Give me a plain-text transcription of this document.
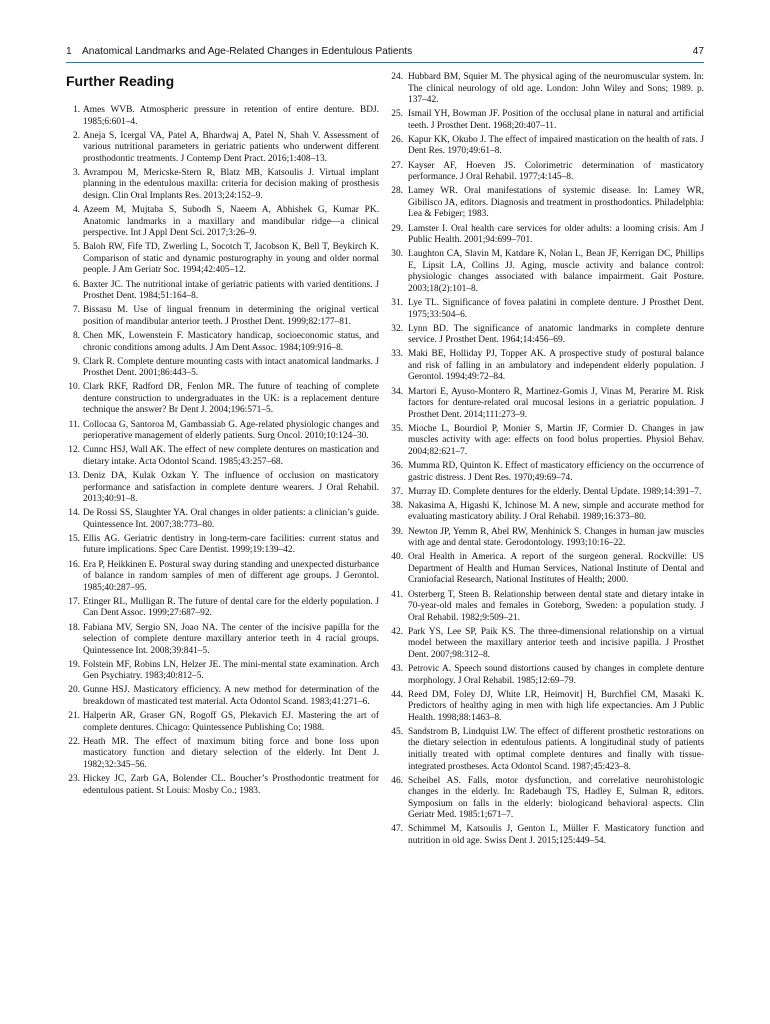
1 Anatomical Landmarks and Age-Related Changes in Edentulous Patients	47
Further Reading
1. Ames WVB. Atmospheric pressure in retention of entire denture. BDJ. 1985;6:601–4.
2. Aneja S, Icergal VA, Patel A, Bhardwaj A, Patel N, Shah V. Assessment of various nutritional parameters in geriatric patients who underwent different prosthodontic treatments. J Contemp Dent Pract. 2016;1:408–13.
3. Avrampou M, Mericske-Stern R, Blatz MB, Katsoulis J. Virtual implant planning in the edentulous maxilla: criteria for decision making of prosthesis design. Clin Oral Implants Res. 2013;24:152–9.
4. Azeem M, Mujtaba S, Subodh S, Naeem A, Abhishek G, Kumar PK. Anatomic landmarks in a maxillary and mandibular ridge—a clinical perspective. Int J Appl Dent Sci. 2017;3:26–9.
5. Baloh RW, Fife TD, Zwerling L, Socotch T, Jacobson K, Bell T, Beykirch K. Comparison of static and dynamic posturography in young and older normal people. J Am Geriatr Soc. 1994;42:405–12.
6. Baxter JC. The nutritional intake of geriatric patients with varied dentitions. J Prosthet Dent. 1984;51:164–8.
7. Bissasu M. Use of lingual frennum in determining the original vertical position of mandibular anterior teeth. J Prosthet Dent. 1999;82:177–81.
8. Chen MK, Lowenstein F. Masticatory handicap, socioeconomic status, and chronic conditions among adults. J Am Dent Assoc. 1984;109:916–8.
9. Clark R. Complete denture mounting casts with intact anatomical landmarks. J Prosthet Dent. 2001;86:443–5.
10. Clark RKF, Radford DR, Fenlon MR. The future of teaching of complete denture construction to undergraduates in the UK: is a replacement denture technique the answer? Br Dent J. 2004;196:571–5.
11. Collocaa G, Santoroa M, Gambassiab G. Age-related physiologic changes and perioperative management of elderly patients. Surg Oncol. 2010;10:124–30.
12. Cunnc HSJ, Wall AK. The effect of new complete dentures on mastication and dietary intake. Acta Odontol Scand. 1985;43:257–68.
13. Deniz DA, Kulak Ozkan Y. The influence of occlusion on masticatory performance and satisfaction in complete denture wearers. J Oral Rehabil. 2013;40:91–8.
14. De Rossi SS, Slaughter YA. Oral changes in older patients: a clinician’s guide. Quintessence Int. 2007;38:773–80.
15. Ellis AG. Geriatric dentistry in long-term-care facilities: current status and future implications. Spec Care Dentist. 1999;19:139–42.
16. Era P, Heikkinen E. Postural sway during standing and unexpected disturbance of balance in random samples of men of different age groups. J Gerontol. 1985;40:287–95.
17. Etinger RL, Mulligan R. The future of dental care for the elderly population. J Can Dent Assoc. 1999;27:687–92.
18. Fabiana MV, Sergio SN, Joao NA. The center of the incisive papilla for the selection of complete denture maxillary anterior teeth in 4 racial groups. Quintessence Int. 2008;39:841–5.
19. Folstein MF, Robins LN, Helzer JE. The mini-mental state examination. Arch Gen Psychiatry. 1983;40:812–5.
20. Gunne HSJ. Masticatory efficiency. A new method for determination of the breakdown of masticated test material. Acta Odontol Scand. 1983;41:271–6.
21. Halperin AR, Graser GN, Rogoff GS, Plekavich EJ. Mastering the art of complete dentures. Chicago: Quintessence Publishing Co; 1988.
22. Heath MR. The effect of maximum biting force and bone loss upon masticatory function and dietary selection of the elderly. Int Dent J. 1982;32:345–56.
23. Hickey JC, Zarb GA, Bolender CL. Boucher’s Prosthodontic treatment for edentulous patient. St Louis: Mosby Co.; 1983.
24. Hubbard BM, Squier M. The physical aging of the neuromuscular system. In: The clinical neurology of old age. London: John Wiley and Sons; 1989. p. 137–42.
25. Ismail YH, Bowman JF. Position of the occlusal plane in natural and artificial teeth. J Prosthet Dent. 1968;20:407–11.
26. Kapur KK, Okubo J. The effect of impaired mastication on the health of rats. J Dent Res. 1970;49:61–8.
27. Kayser AF, Hoeven JS. Colorimetric determination of masticatory performance. J Oral Rehabil. 1977;4:145–8.
28. Lamey WR. Oral manifestations of systemic disease. In: Lamey WR, Gibilisco JA, editors. Diagnosis and treatment in prosthodontics. Philadelphia: Lea & Febiger; 1983.
29. Lamster I. Oral health care services for older adults: a looming crisis. Am J Public Health. 2001;94:699–701.
30. Laughton CA, Slavin M, Katdare K, Nolan L, Bean JF, Kerrigan DC, Phillips E, Lipsit LA, Collins JJ. Aging, muscle activity and balance control: physiologic changes associated with balance impairment. Gait Posture. 2003;18(2):101–8.
31. Lye TL. Significance of fovea palatini in complete denture. J Prosthet Dent. 1975;33:504–6.
32. Lynn BD. The significance of anatomic landmarks in complete denture service. J Prosthet Dent. 1964;14:456–69.
33. Maki BE, Holliday PJ, Topper AK. A prospective study of postural balance and risk of falling in an ambulatory and independent elderly population. J Gerontol. 1994;49:72–84.
34. Martori E, Ayuso-Montero R, Martinez-Gomis J, Vinas M, Perarire M. Risk factors for denture-related oral mucosal lesions in a geriatric population. J Prosthet Dent. 2014;111:273–9.
35. Mioche L, Bourdiol P, Monier S, Martin JF, Cormier D. Changes in jaw muscles activity with age: effects on food bolus properties. Physiol Behav. 2004;82:621–7.
36. Mumma RD, Quinton K. Effect of masticatory efficiency on the occurrence of gastric distress. J Dent Res. 1970;49:69–74.
37. Murray ID. Complete dentures for the elderly. Dental Update. 1989;14:391–7.
38. Nakasima A, Higashi K, Ichinose M. A new, simple and accurate method for evaluating masticatory ability. J Oral Rehabil. 1989;16:373–80.
39. Newton JP, Yemm R, Abel RW, Menhinick S. Changes in human jaw muscles with age and dental state. Gerodontology. 1993;10:16–22.
40. Oral Health in America. A report of the surgeon general. Rockville: US Department of Health and Human Services, National Institute of Dental and Craniofacial Research, National Institutes of Health; 2000.
41. Osterberg T, Steen B. Relationship between dental state and dietary intake in 70-year-old males and females in Goteborg, Sweden: a population study. J Oral Rehabil. 1982;9:509–21.
42. Park YS, Lee SP, Paik KS. The three-dimensional relationship on a virtual model between the maxillary anterior teeth and incisive papilla. J Prosthet Dent. 2007;98:312–8.
43. Petrovic A. Speech sound distortions caused by changes in complete denture morphology. J Oral Rehabil. 1985;12:69–79.
44. Reed DM, Foley DJ, White LR, Heimovit] H, Burchfiel CM, Masaki K. Predictors of healthy aging in men with high life expectancies. Am J Public Health. 1998;88:1463–8.
45. Sandstrom B, Lindquist LW. The effect of different prosthetic restorations on the dietary selection in edentulous patients. A longitudinal study of patients initially treated with optimal complete dentures and finally with tissue-integrated prostheses. Acta Odontol Scand. 1987;45:423–8.
46. Scheibel AS. Falls, motor dysfunction, and correlative neurohistologic changes in the elderly. In: Radebaugh TS, Hadley E, Sulman R, editors. Symposium on falls in the elderly: biologicand behavioral aspects. Clin Geriatr Med. 1985:1;671–7.
47. Schimmel M, Katsoulis J, Genton L, Müller F. Masticatory function and nutrition in old age. Swiss Dent J. 2015;125:449–54.
